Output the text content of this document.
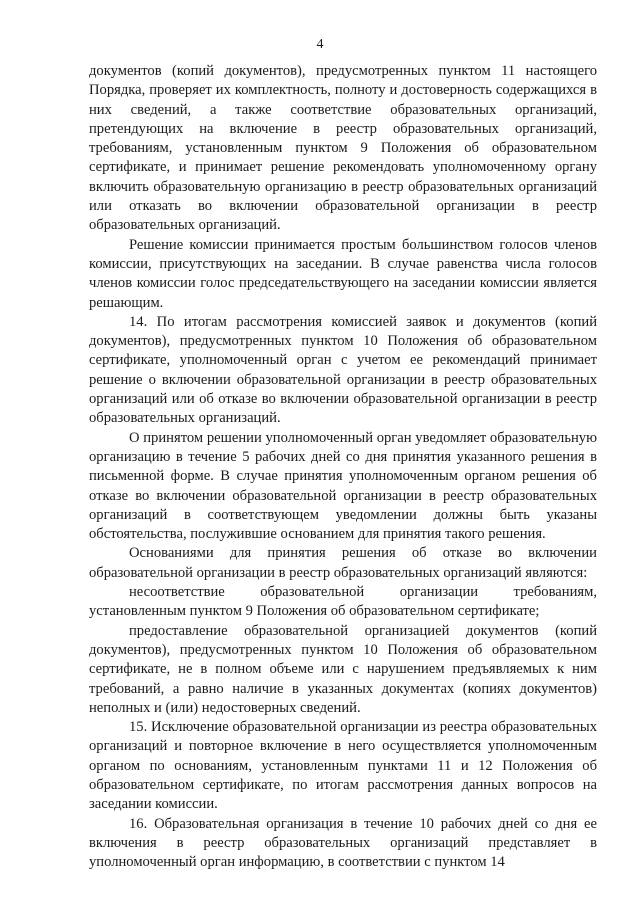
4

документов (копий документов), предусмотренных пунктом 11 настоящего Порядка, проверяет их комплектность, полноту и достоверность содержащихся в них сведений, а также соответствие образовательных организаций, претендующих на включение в реестр образовательных организаций, требованиям, установленным пунктом 9 Положения об образовательном сертификате, и принимает решение рекомендовать уполномоченному органу включить образовательную организацию в реестр образовательных организаций или отказать во включении образовательной организации в реестр образовательных организаций.

Решение комиссии принимается простым большинством голосов членов комиссии, присутствующих на заседании. В случае равенства числа голосов членов комиссии голос председательствующего на заседании комиссии является решающим.

14. По итогам рассмотрения комиссией заявок и документов (копий документов), предусмотренных пунктом 10 Положения об образовательном сертификате, уполномоченный орган с учетом ее рекомендаций принимает решение о включении образовательной организации в реестр образовательных организаций или об отказе во включении образовательной организации в реестр образовательных организаций.

О принятом решении уполномоченный орган уведомляет образовательную организацию в течение 5 рабочих дней со дня принятия указанного решения в письменной форме. В случае принятия уполномоченным органом решения об отказе во включении образовательной организации в реестр образовательных организаций в соответствующем уведомлении должны быть указаны обстоятельства, послужившие основанием для принятия такого решения.

Основаниями для принятия решения об отказе во включении образовательной организации в реестр образовательных организаций являются:

несоответствие образовательной организации требованиям, установленным пунктом 9 Положения об образовательном сертификате;

предоставление образовательной организацией документов (копий документов), предусмотренных пунктом 10 Положения об образовательном сертификате, не в полном объеме или с нарушением предъявляемых к ним требований, а равно наличие в указанных документах (копиях документов) неполных и (или) недостоверных сведений.

15. Исключение образовательной организации из реестра образовательных организаций и повторное включение в него осуществляется уполномоченным органом по основаниям, установленным пунктами 11 и 12 Положения об образовательном сертификате, по итогам рассмотрения данных вопросов на заседании комиссии.

16. Образовательная организация в течение 10 рабочих дней со дня ее включения в реестр образовательных организаций представляет в уполномоченный орган информацию, в соответствии с пунктом 14
